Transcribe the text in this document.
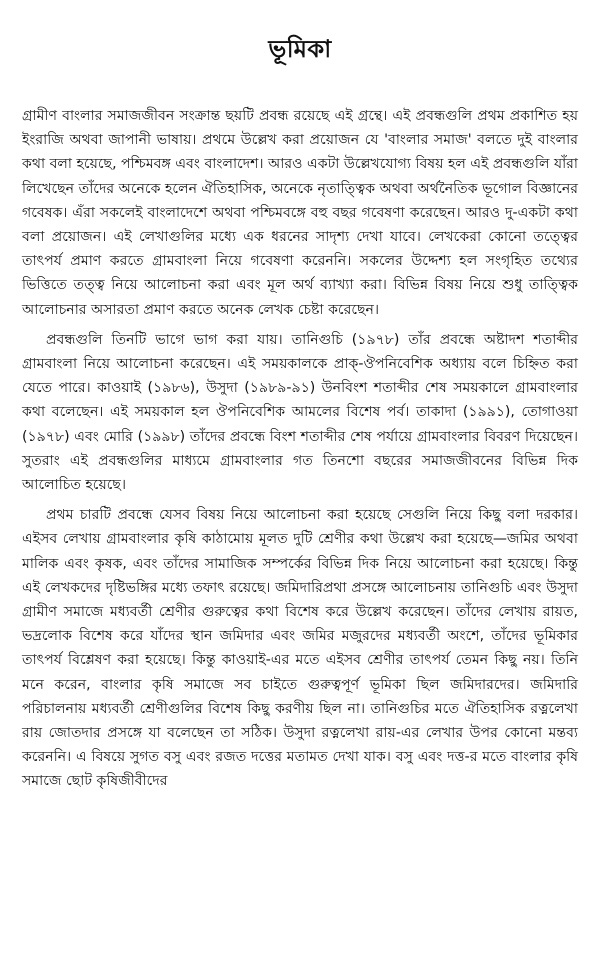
ভূমিকা

গ্রামীণ বাংলার সমাজজীবন সংক্রান্ত ছয়টি প্রবন্ধ রয়েছে এই গ্রন্থে। এই প্রবন্ধগুলি প্রথম প্রকাশিত হয় ইংরাজি অথবা জাপানী ভাষায়। প্রথমে উল্লেখ করা প্রয়োজন যে 'বাংলার সমাজ' বলতে দুই বাংলার কথা বলা হয়েছে, পশ্চিমবঙ্গ এবং বাংলাদেশ। আরও একটা উল্লেখযোগ্য বিষয় হল এই প্রবন্ধগুলি যাঁরা লিখেছেন তাঁদের অনেকে হলেন ঐতিহাসিক, অনেকে নৃতাত্ত্বিক অথবা অর্থনৈতিক ভূগোল বিজ্ঞানের গবেষক। এঁরা সকলেই বাংলাদেশে অথবা পশ্চিমবঙ্গে বহু বছর গবেষণা করেছেন। আরও দু-একটা কথা বলা প্রয়োজন। এই লেখাগুলির মধ্যে এক ধরনের সাদৃশ্য দেখা যাবে। লেখকেরা কোনো তত্ত্বের তাৎপর্য প্রমাণ করতে গ্রামবাংলা নিয়ে গবেষণা করেননি। সকলের উদ্দেশ্য হল সংগৃহিত তথ্যের ভিত্তিতে তত্ত্ব নিয়ে আলোচনা করা এবং মূল অর্থ ব্যাখ্যা করা। বিভিন্ন বিষয় নিয়ে শুধু তাত্ত্বিক আলোচনার অসারতা প্রমাণ করতে অনেক লেখক চেষ্টা করেছেন।

প্রবন্ধগুলি তিনটি ভাগে ভাগ করা যায়। তানিগুচি (১৯৭৮) তাঁর প্রবন্ধে অষ্টাদশ শতাব্দীর গ্রামবাংলা নিয়ে আলোচনা করেছেন। এই সময়কালকে প্রাক্-ঔপনিবেশিক অধ্যায় বলে চিহ্নিত করা যেতে পারে। কাওয়াই (১৯৮৬), উসুদা (১৯৮৯-৯১) উনবিংশ শতাব্দীর শেষ সময়কালে গ্রামবাংলার কথা বলেছেন। এই সময়কাল হল ঔপনিবেশিক আমলের বিশেষ পর্ব। তাকাদা (১৯৯১), তোগাওয়া (১৯৭৮) এবং মোরি (১৯৯৮) তাঁদের প্রবন্ধে বিংশ শতাব্দীর শেষ পর্যায়ে গ্রামবাংলার বিবরণ দিয়েছেন। সুতরাং এই প্রবন্ধগুলির মাধ্যমে গ্রামবাংলার গত তিনশো বছরের সমাজজীবনের বিভিন্ন দিক আলোচিত হয়েছে।

প্রথম চারটি প্রবন্ধে যেসব বিষয় নিয়ে আলোচনা করা হয়েছে সেগুলি নিয়ে কিছু বলা দরকার। এইসব লেখায় গ্রামবাংলার কৃষি কাঠামোয় মূলত দুটি শ্রেণীর কথা উল্লেখ করা হয়েছে—জমির অথবা মালিক এবং কৃষক, এবং তাঁদের সামাজিক সম্পর্কের বিভিন্ন দিক নিয়ে আলোচনা করা হয়েছে। কিন্তু এই লেখকদের দৃষ্টিভঙ্গির মধ্যে তফাৎ রয়েছে। জমিদারিপ্রথা প্রসঙ্গে আলোচনায় তানিগুচি এবং উসুদা গ্রামীণ সমাজে মধ্যবর্তী শ্রেণীর গুরুত্বের কথা বিশেষ করে উল্লেখ করেছেন। তাঁদের লেখায় রায়ত, ভদ্রলোক বিশেষ করে যাঁদের স্থান জমিদার এবং জমির মজুরদের মধ্যবর্তী অংশে, তাঁদের ভূমিকার তাৎপর্য বিশ্লেষণ করা হয়েছে। কিন্তু কাওয়াই-এর মতে এইসব শ্রেণীর তাৎপর্য তেমন কিছু নয়। তিনি মনে করেন, বাংলার কৃষি সমাজে সব চাইতে গুরুত্বপূর্ণ ভূমিকা ছিল জমিদারদের। জমিদারি পরিচালনায় মধ্যবর্তী শ্রেণীগুলির বিশেষ কিছু করণীয় ছিল না। তানিগুচির মতে ঐতিহাসিক রত্নলেখা রায় জোতদার প্রসঙ্গে যা বলেছেন তা সঠিক। উসুদা রত্নলেখা রায়-এর লেখার উপর কোনো মন্তব্য করেননি। এ বিষয়ে সুগত বসু এবং রজত দত্তের মতামত দেখা যাক। বসু এবং দত্ত-র মতে বাংলার কৃষি সমাজে ছোট কৃষিজীবীদের
